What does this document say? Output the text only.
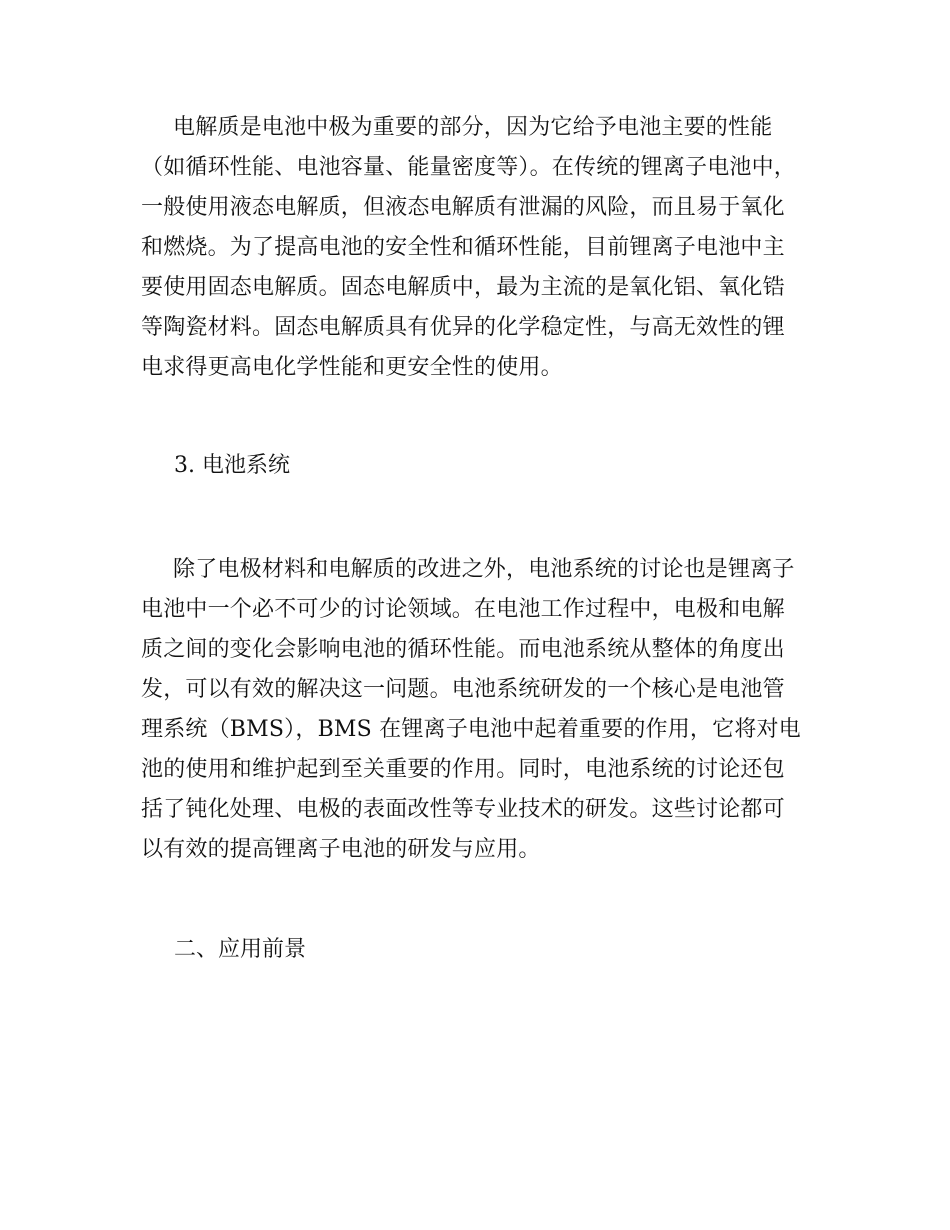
电解质是电池中极为重要的部分，因为它给予电池主要的性能（如循环性能、电池容量、能量密度等）。在传统的锂离子电池中，一般使用液态电解质，但液态电解质有泄漏的风险，而且易于氧化和燃烧。为了提高电池的安全性和循环性能，目前锂离子电池中主要使用固态电解质。固态电解质中，最为主流的是氧化铝、氧化锆等陶瓷材料。固态电解质具有优异的化学稳定性，与高无效性的锂电求得更高电化学性能和更安全性的使用。

3. 电池系统

除了电极材料和电解质的改进之外，电池系统的讨论也是锂离子电池中一个必不可少的讨论领域。在电池工作过程中，电极和电解质之间的变化会影响电池的循环性能。而电池系统从整体的角度出发，可以有效的解决这一问题。电池系统研发的一个核心是电池管理系统（BMS），BMS 在锂离子电池中起着重要的作用，它将对电池的使用和维护起到至关重要的作用。同时，电池系统的讨论还包括了钝化处理、电极的表面改性等专业技术的研发。这些讨论都可以有效的提高锂离子电池的研发与应用。

二、应用前景
